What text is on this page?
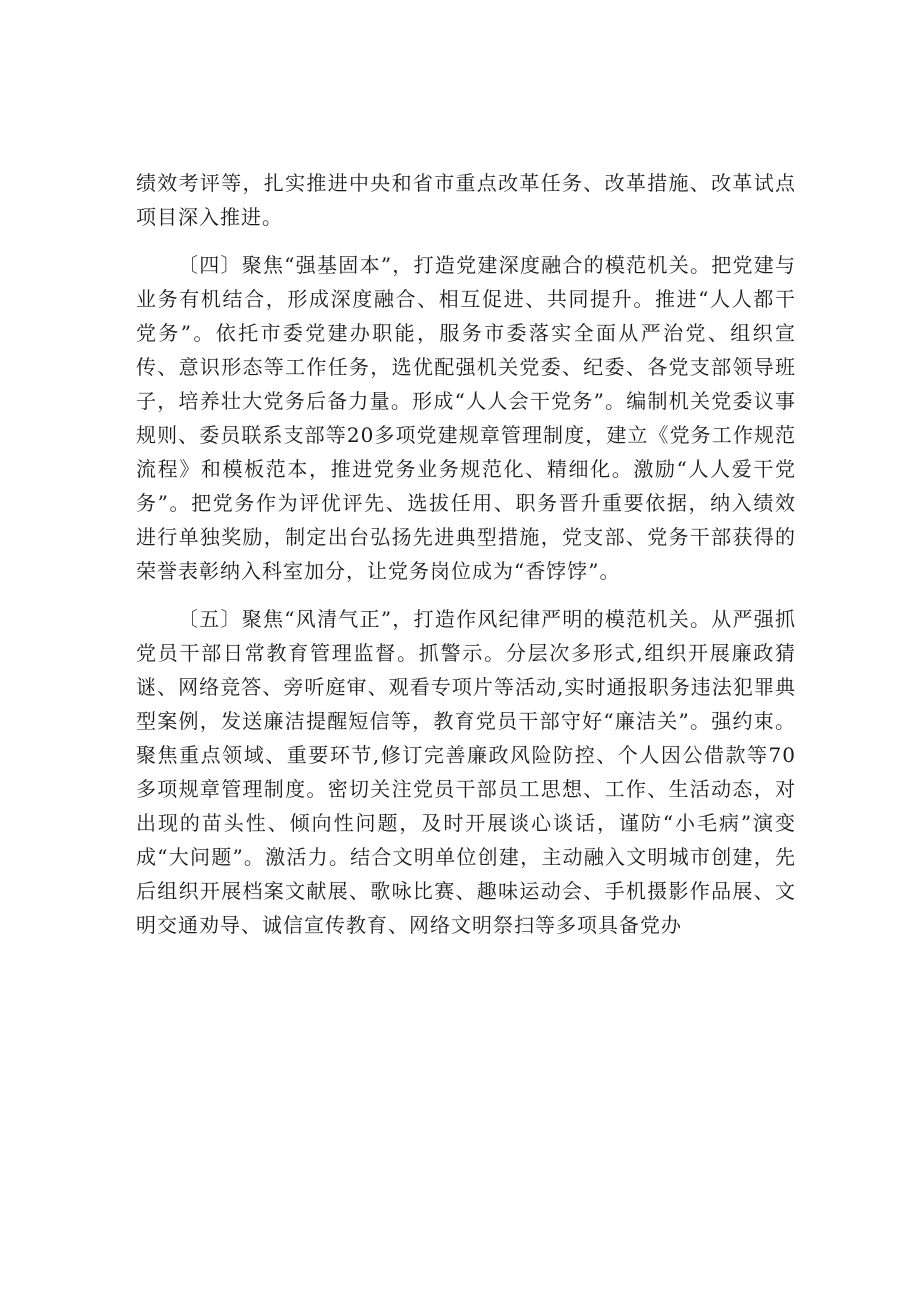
绩效考评等，扎实推进中央和省市重点改革任务、改革措施、改革试点项目深入推进。

〔四〕聚焦“强基固本”，打造党建深度融合的模范机关。把党建与业务有机结合，形成深度融合、相互促进、共同提升。推进“人人都干党务”。依托市委党建办职能，服务市委落实全面从严治党、组织宣传、意识形态等工作任务，选优配强机关党委、纪委、各党支部领导班子，培养壮大党务后备力量。形成“人人会干党务”。编制机关党委议事规则、委员联系支部等20多项党建规章管理制度，建立《党务工作规范流程》和模板范本，推进党务业务规范化、精细化。激励“人人爱干党务”。把党务作为评优评先、选拔任用、职务晋升重要依据，纳入绩效进行单独奖励，制定出台弘扬先进典型措施，党支部、党务干部获得的荣誉表彰纳入科室加分，让党务岗位成为“香饽饽”。

〔五〕聚焦“风清气正”，打造作风纪律严明的模范机关。从严强抓党员干部日常教育管理监督。抓警示。分层次多形式,组织开展廉政猜谜、网络竞答、旁听庭审、观看专项片等活动,实时通报职务违法犯罪典型案例，发送廉洁提醒短信等，教育党员干部守好“廉洁关”。强约束。聚焦重点领域、重要环节,修订完善廉政风险防控、个人因公借款等70多项规章管理制度。密切关注党员干部员工思想、工作、生活动态，对出现的苗头性、倾向性问题，及时开展谈心谈话，谨防“小毛病”演变成“大问题”。激活力。结合文明单位创建，主动融入文明城市创建，先后组织开展档案文献展、歌咏比赛、趣味运动会、手机摄影作品展、文明交通劝导、诚信宣传教育、网络文明祭扫等多项具备党办
